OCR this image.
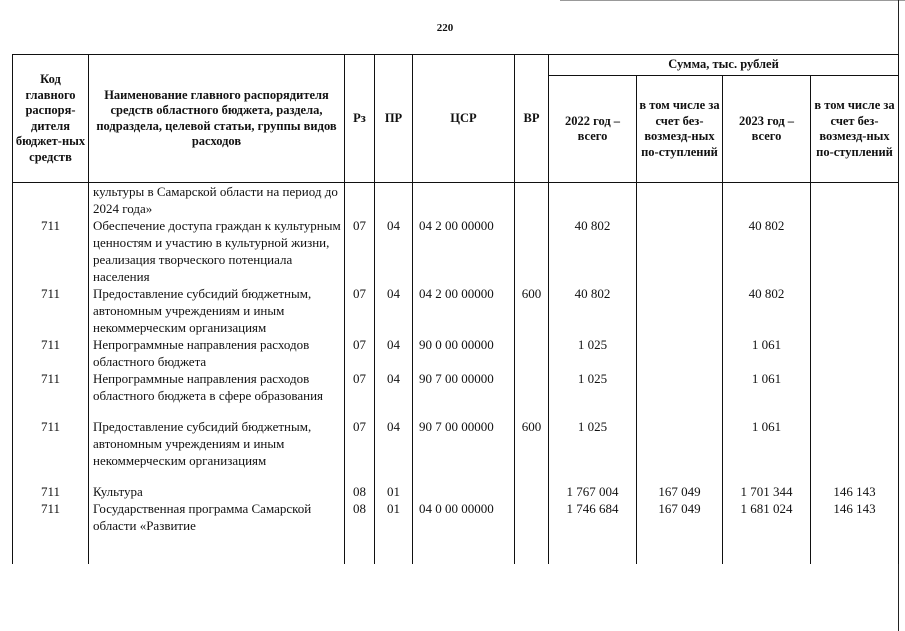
220
Код главного распоря-дителя бюджет-ных средств	Наименование главного распорядителя средств областного бюджета, раздела, подраздела, целевой статьи, группы видов расходов	Рз	ПР	ЦСР	ВР	Сумма, тыс. рублей			
						2022 год – всего	в том числе за счет без-возмезд-ных по-ступлений	2023 год – всего	в том числе за счет без-возмезд-ных по-ступлений
	культуры в Самарской области на период до 2024 года»								
711	Обеспечение доступа граждан к культурным ценностям и участию в культурной жизни, реализация творческого потенциала населения	07	04	04 2 00 00000		40 802		40 802	
711	Предоставление субсидий бюджетным, автономным учреждениям и иным некоммерческим организациям	07	04	04 2 00 00000	600	40 802		40 802	
711	Непрограммные направления расходов областного бюджета	07	04	90 0 00 00000		1 025		1 061	
711	Непрограммные направления расходов областного бюджета в сфере образования	07	04	90 7 00 00000		1 025		1 061	

711	Предоставление субсидий бюджетным, автономным учреждениям и иным некоммерческим организациям	07	04	90 7 00 00000	600	1 025		1 061	

711	Культура	08	01			1 767 004	167 049	1 701 344	146 143
711	Государственная программа Самарской области «Развитие	08	01	04 0 00 00000		1 746 684	167 049	1 681 024	146 143
